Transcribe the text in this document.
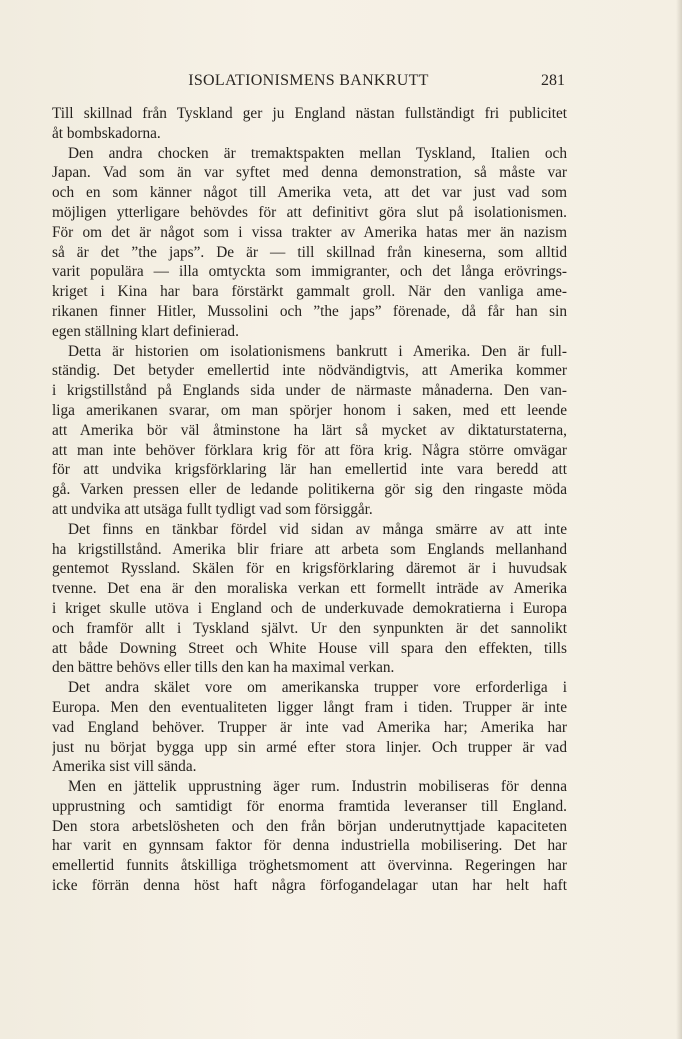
ISOLATIONISMENS BANKRUTT	281
Till skillnad från Tyskland ger ju England nästan fullständigt fri publicitet
åt bombskadorna.
Den andra chocken är tremaktspakten mellan Tyskland, Italien och
Japan. Vad som än var syftet med denna demonstration, så måste var
och en som känner något till Amerika veta, att det var just vad som
möjligen ytterligare behövdes för att definitivt göra slut på isolationismen.
För om det är något som i vissa trakter av Amerika hatas mer än nazism
så är det ”the japs”. De är — till skillnad från kineserna, som alltid
varit populära — illa omtyckta som immigranter, och det långa erövrings-
kriget i Kina har bara förstärkt gammalt groll. När den vanliga ame-
rikanen finner Hitler, Mussolini och ”the japs” förenade, då får han sin
egen ställning klart definierad.
Detta är historien om isolationismens bankrutt i Amerika. Den är full-
ständig. Det betyder emellertid inte nödvändigtvis, att Amerika kommer
i krigstillstånd på Englands sida under de närmaste månaderna. Den van-
liga amerikanen svarar, om man spörjer honom i saken, med ett leende
att Amerika bör väl åtminstone ha lärt så mycket av diktaturstaterna,
att man inte behöver förklara krig för att föra krig. Några större omvägar
för att undvika krigsförklaring lär han emellertid inte vara beredd att
gå. Varken pressen eller de ledande politikerna gör sig den ringaste möda
att undvika att utsäga fullt tydligt vad som försiggår.
Det finns en tänkbar fördel vid sidan av många smärre av att inte
ha krigstillstånd. Amerika blir friare att arbeta som Englands mellanhand
gentemot Ryssland. Skälen för en krigsförklaring däremot är i huvudsak
tvenne. Det ena är den moraliska verkan ett formellt inträde av Amerika
i kriget skulle utöva i England och de underkuvade demokratierna i Europa
och framför allt i Tyskland självt. Ur den synpunkten är det sannolikt
att både Downing Street och White House vill spara den effekten, tills
den bättre behövs eller tills den kan ha maximal verkan.
Det andra skälet vore om amerikanska trupper vore erforderliga i
Europa. Men den eventualiteten ligger långt fram i tiden. Trupper är inte
vad England behöver. Trupper är inte vad Amerika har; Amerika har
just nu börjat bygga upp sin armé efter stora linjer. Och trupper är vad
Amerika sist vill sända.
Men en jättelik upprustning äger rum. Industrin mobiliseras för denna
upprustning och samtidigt för enorma framtida leveranser till England.
Den stora arbetslösheten och den från början underutnyttjade kapaciteten
har varit en gynnsam faktor för denna industriella mobilisering. Det har
emellertid funnits åtskilliga tröghetsmoment att övervinna. Regeringen har
icke förrän denna höst haft några förfogandelagar utan har helt haft
